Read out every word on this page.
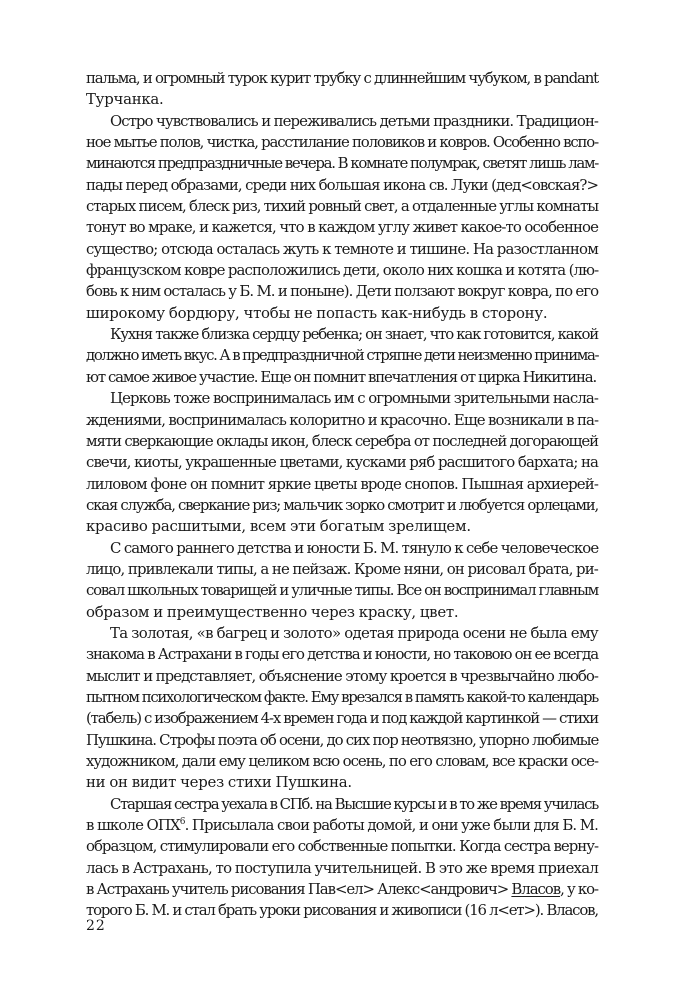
пальма, и огромный турок курит трубку с длиннейшим чубуком, в pandant
Турчанка.

Остро чувствовались и переживались детьми праздники. Традицион-
ное мытье полов, чистка, расстилание половиков и ковров. Особенно вспо-
минаются предпраздничные вечера. В комнате полумрак, светят лишь лам-
пады перед образами, среди них большая икона св. Луки (дед<овская?>
старых писем, блеск риз, тихий ровный свет, а отдаленные углы комнаты
тонут во мраке, и кажется, что в каждом углу живет какое-то особенное
существо; отсюда осталась жуть к темноте и тишине. На разостланном
французском ковре расположились дети, около них кошка и котята (лю-
бовь к ним осталась у Б. М. и поныне). Дети ползают вокруг ковра, по его
широкому бордюру, чтобы не попасть как-нибудь в сторону.

Кухня также близка сердцу ребенка; он знает, что как готовится, какой
должно иметь вкус. А в предпраздничной стряпне дети неизменно принима-
ют самое живое участие. Еще он помнит впечатления от цирка Никитина.

Церковь тоже воспринималась им с огромными зрительными насла-
ждениями, воспринималась колоритно и красочно. Еще возникали в па-
мяти сверкающие оклады икон, блеск серебра от последней догорающей
свечи, киоты, украшенные цветами, кусками ряб расшитого бархата; на
лиловом фоне он помнит яркие цветы вроде снопов. Пышная архиерей-
ская служба, сверкание риз; мальчик зорко смотрит и любуется орлецами,
красиво расшитыми, всем эти богатым зрелищем.

С самого раннего детства и юности Б. М. тянуло к себе человеческое
лицо, привлекали типы, а не пейзаж. Кроме няни, он рисовал брата, ри-
совал школьных товарищей и уличные типы. Все он воспринимал главным
образом и преимущественно через краску, цвет.

Та золотая, «в багрец и золото» одетая природа осени не была ему
знакома в Астрахани в годы его детства и юности, но таковою он ее всегда
мыслит и представляет, объяснение этому кроется в чрезвычайно любо-
пытном психологическом факте. Ему врезался в память какой-то календарь
(табель) с изображением 4-х времен года и под каждой картинкой — стихи
Пушкина. Строфы поэта об осени, до сих пор неотвязно, упорно любимые
художником, дали ему целиком всю осень, по его словам, все краски осе-
ни он видит через стихи Пушкина.

Старшая сестра уехала в СПб. на Высшие курсы и в то же время училась
в школе ОПХ$^6$. Присылала свои работы домой, и они уже были для Б. М.
образцом, стимулировали его собственные попытки. Когда сестра верну-
лась в Астрахань, то поступила учительницей. В это же время приехал
в Астрахань учитель рисования Пав<ел> Алекс<андрович> Власов, у ко-
торого Б. М. и стал брать уроки рисования и живописи (16 л<ет>). Власов,

22
